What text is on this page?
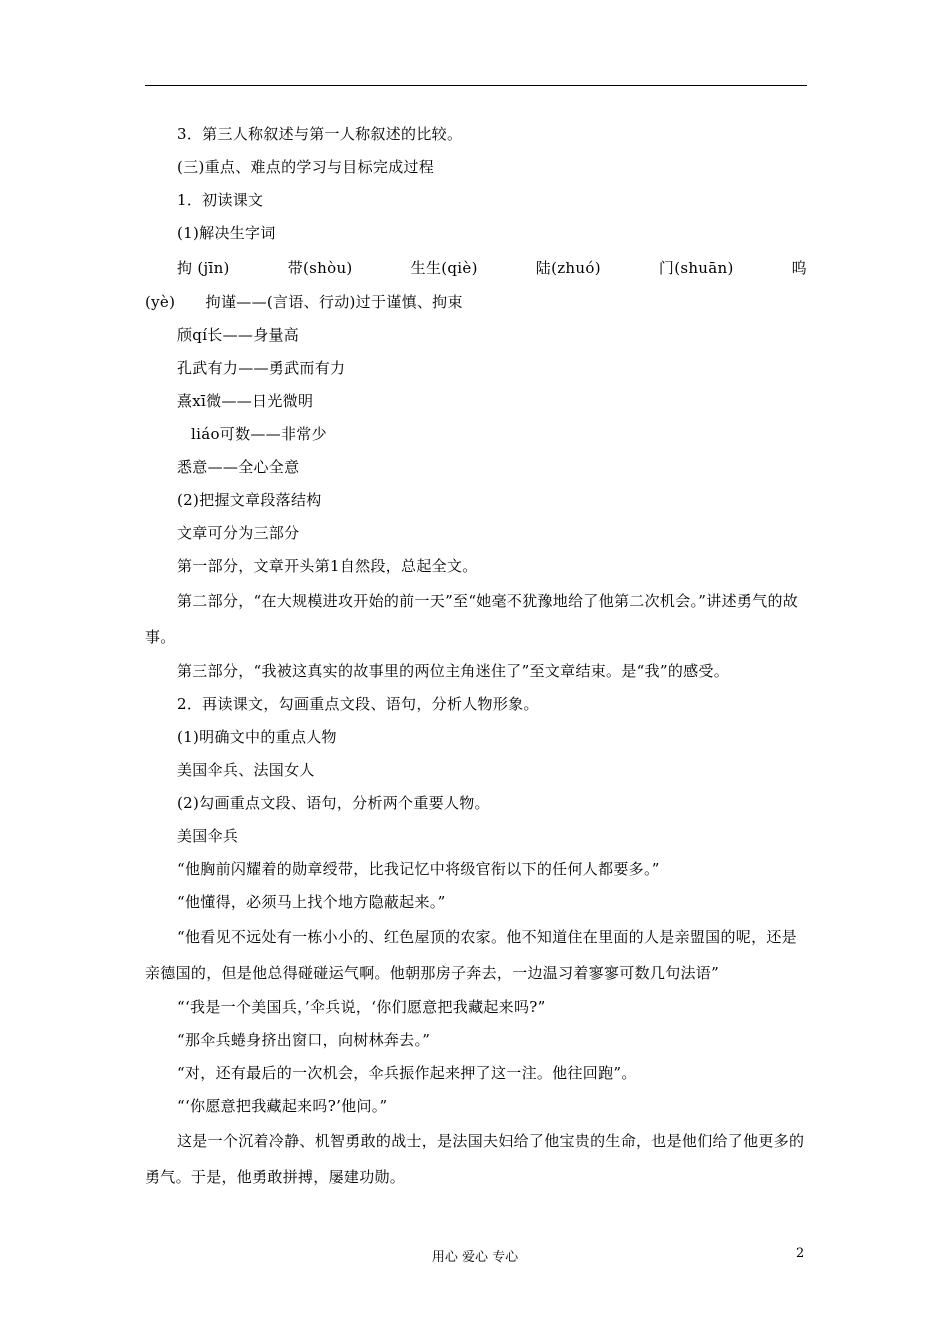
3．第三人称叙述与第一人称叙述的比较。
(三)重点、难点的学习与目标完成过程
1．初读课文
(1)解决生字词
拘 (jīn)	带(shòu)	生生(qiè)	陆(zhuó)	门(shuān)	呜
(yè)      拘谨——(言语、行动)过于谨慎、拘束
颀qí长——身量高
孔武有力——勇武而有力
熹xī微——日光微明
liáo可数——非常少
悉意——全心全意
(2)把握文章段落结构
文章可分为三部分
第一部分，文章开头第1自然段，总起全文。
第二部分，“在大规模进攻开始的前一天”至“她毫不犹豫地给了他第二次机会。”讲述勇气的故事。
第三部分，“我被这真实的故事里的两位主角迷住了”至文章结束。是“我”的感受。
2．再读课文，勾画重点文段、语句，分析人物形象。
(1)明确文中的重点人物
美国伞兵、法国女人
(2)勾画重点文段、语句，分析两个重要人物。
美国伞兵
“他胸前闪耀着的勋章绶带，比我记忆中将级官衔以下的任何人都要多。”
“他懂得，必须马上找个地方隐蔽起来。”
“他看见不远处有一栋小小的、红色屋顶的农家。他不知道住在里面的人是亲盟国的呢，还是亲德国的，但是他总得碰碰运气啊。他朝那房子奔去，一边温习着寥寥可数几句法语”
“‘我是一个美国兵，’伞兵说，‘你们愿意把我藏起来吗?”
“那伞兵蜷身挤出窗口，向树林奔去。”
“对，还有最后的一次机会，伞兵振作起来押了这一注。他往回跑”。
“‘你愿意把我藏起来吗?’他问。”
这是一个沉着冷静、机智勇敢的战士，是法国夫妇给了他宝贵的生命，也是他们给了他更多的勇气。于是，他勇敢拼搏，屡建功勋。
用心 爱心 专心	2
